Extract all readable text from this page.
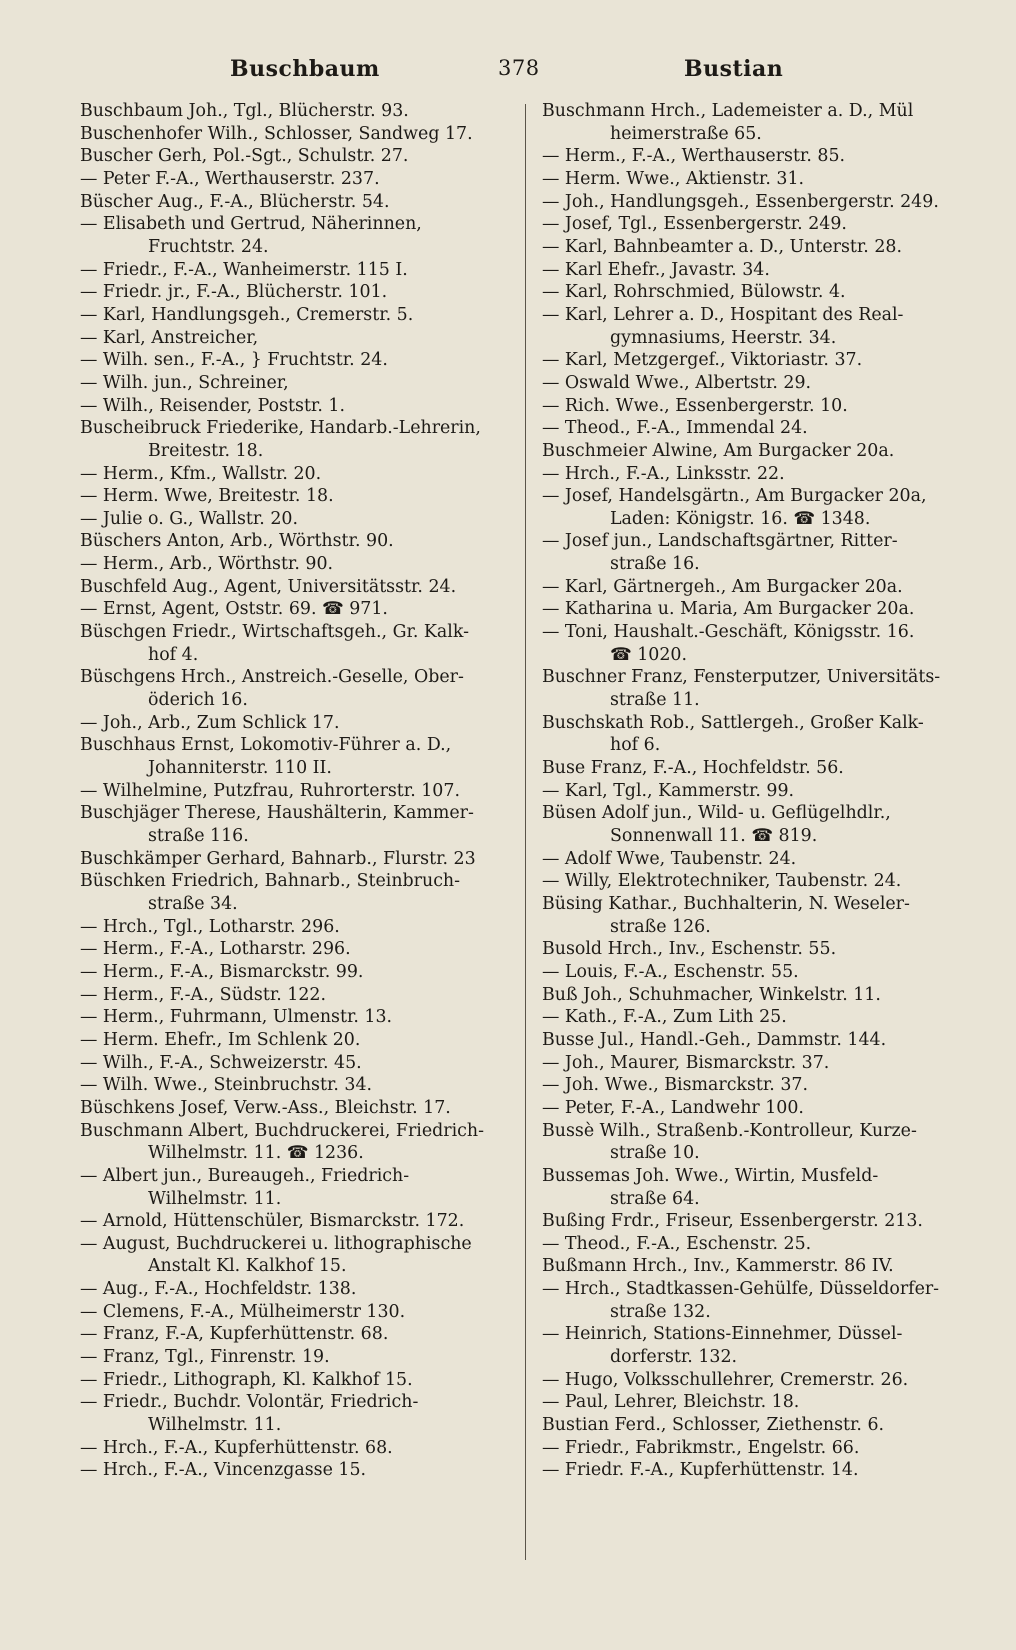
Buschbaum	378	Bustian
Buschbaum Joh., Tgl., Blücherstr. 93.
Buschenhofer Wilh., Schlosser, Sandweg 17.
Buscher Gerh, Pol.-Sgt., Schulstr. 27.
— Peter F.-A., Werthauserstr. 237.
Büscher Aug., F.-A., Blücherstr. 54.
— Elisabeth und Gertrud, Näherinnen,
Fruchtstr. 24.
— Friedr., F.-A., Wanheimerstr. 115 I.
— Friedr. jr., F.-A., Blücherstr. 101.
— Karl, Handlungsgeh., Cremerstr. 5.
— Karl, Anstreicher,
— Wilh. sen., F.-A., } Fruchtstr. 24.
— Wilh. jun., Schreiner,
— Wilh., Reisender, Poststr. 1.
Buscheibruck Friederike, Handarb.-Lehrerin,
Breitestr. 18.
— Herm., Kfm., Wallstr. 20.
— Herm. Wwe, Breitestr. 18.
— Julie o. G., Wallstr. 20.
Büschers Anton, Arb., Wörthstr. 90.
— Herm., Arb., Wörthstr. 90.
Buschfeld Aug., Agent, Universitätsstr. 24.
— Ernst, Agent, Oststr. 69. ☎ 971.
Büschgen Friedr., Wirtschaftsgeh., Gr. Kalk-
hof 4.
Büschgens Hrch., Anstreich.-Geselle, Ober-
öderich 16.
— Joh., Arb., Zum Schlick 17.
Buschhaus Ernst, Lokomotiv-Führer a. D.,
Johanniterstr. 110 II.
— Wilhelmine, Putzfrau, Ruhrorterstr. 107.
Buschjäger Therese, Haushälterin, Kammer-
straße 116.
Buschkämper Gerhard, Bahnarb., Flurstr. 23
Büschken Friedrich, Bahnarb., Steinbruch-
straße 34.
— Hrch., Tgl., Lotharstr. 296.
— Herm., F.-A., Lotharstr. 296.
— Herm., F.-A., Bismarckstr. 99.
— Herm., F.-A., Südstr. 122.
— Herm., Fuhrmann, Ulmenstr. 13.
— Herm. Ehefr., Im Schlenk 20.
— Wilh., F.-A., Schweizerstr. 45.
— Wilh. Wwe., Steinbruchstr. 34.
Büschkens Josef, Verw.-Ass., Bleichstr. 17.
Buschmann Albert, Buchdruckerei, Friedrich-
Wilhelmstr. 11. ☎ 1236.
— Albert jun., Bureaugeh., Friedrich-
Wilhelmstr. 11.
— Arnold, Hüttenschüler, Bismarckstr. 172.
— August, Buchdruckerei u. lithographische
Anstalt Kl. Kalkhof 15.
— Aug., F.-A., Hochfeldstr. 138.
— Clemens, F.-A., Mülheimerstr 130.
— Franz, F.-A, Kupferhüttenstr. 68.
— Franz, Tgl., Finrenstr. 19.
— Friedr., Lithograph, Kl. Kalkhof 15.
— Friedr., Buchdr. Volontär, Friedrich-
Wilhelmstr. 11.
— Hrch., F.-A., Kupferhüttenstr. 68.
— Hrch., F.-A., Vincenzgasse 15.
Buschmann Hrch., Lademeister a. D., Mül
heimerstraße 65.
— Herm., F.-A., Werthauserstr. 85.
— Herm. Wwe., Aktienstr. 31.
— Joh., Handlungsgeh., Essenbergerstr. 249.
— Josef, Tgl., Essenbergerstr. 249.
— Karl, Bahnbeamter a. D., Unterstr. 28.
— Karl Ehefr., Javastr. 34.
— Karl, Rohrschmied, Bülowstr. 4.
— Karl, Lehrer a. D., Hospitant des Real-
gymnasiums, Heerstr. 34.
— Karl, Metzgergef., Viktoriastr. 37.
— Oswald Wwe., Albertstr. 29.
— Rich. Wwe., Essenbergerstr. 10.
— Theod., F.-A., Immendal 24.
Buschmeier Alwine, Am Burgacker 20a.
— Hrch., F.-A., Linksstr. 22.
— Josef, Handelsgärtn., Am Burgacker 20a,
Laden: Königstr. 16. ☎ 1348.
— Josef jun., Landschaftsgärtner, Ritter-
straße 16.
— Karl, Gärtnergeh., Am Burgacker 20a.
— Katharina u. Maria, Am Burgacker 20a.
— Toni, Haushalt.-Geschäft, Königsstr. 16.
☎ 1020.
Buschner Franz, Fensterputzer, Universitäts-
straße 11.
Buschskath Rob., Sattlergeh., Großer Kalk-
hof 6.
Buse Franz, F.-A., Hochfeldstr. 56.
— Karl, Tgl., Kammerstr. 99.
Büsen Adolf jun., Wild- u. Geflügelhdlr.,
Sonnenwall 11. ☎ 819.
— Adolf Wwe, Taubenstr. 24.
— Willy, Elektrotechniker, Taubenstr. 24.
Büsing Kathar., Buchhalterin, N. Weseler-
straße 126.
Busold Hrch., Inv., Eschenstr. 55.
— Louis, F.-A., Eschenstr. 55.
Buß Joh., Schuhmacher, Winkelstr. 11.
— Kath., F.-A., Zum Lith 25.
Busse Jul., Handl.-Geh., Dammstr. 144.
— Joh., Maurer, Bismarckstr. 37.
— Joh. Wwe., Bismarckstr. 37.
— Peter, F.-A., Landwehr 100.
Bussè Wilh., Straßenb.-Kontrolleur, Kurze-
straße 10.
Bussemas Joh. Wwe., Wirtin, Musfeld-
straße 64.
Bußing Frdr., Friseur, Essenbergerstr. 213.
— Theod., F.-A., Eschenstr. 25.
Bußmann Hrch., Inv., Kammerstr. 86 IV.
— Hrch., Stadtkassen-Gehülfe, Düsseldorfer-
straße 132.
— Heinrich, Stations-Einnehmer, Düssel-
dorferstr. 132.
— Hugo, Volksschullehrer, Cremerstr. 26.
— Paul, Lehrer, Bleichstr. 18.
Bustian Ferd., Schlosser, Ziethenstr. 6.
— Friedr., Fabrikmstr., Engelstr. 66.
— Friedr. F.-A., Kupferhüttenstr. 14.
